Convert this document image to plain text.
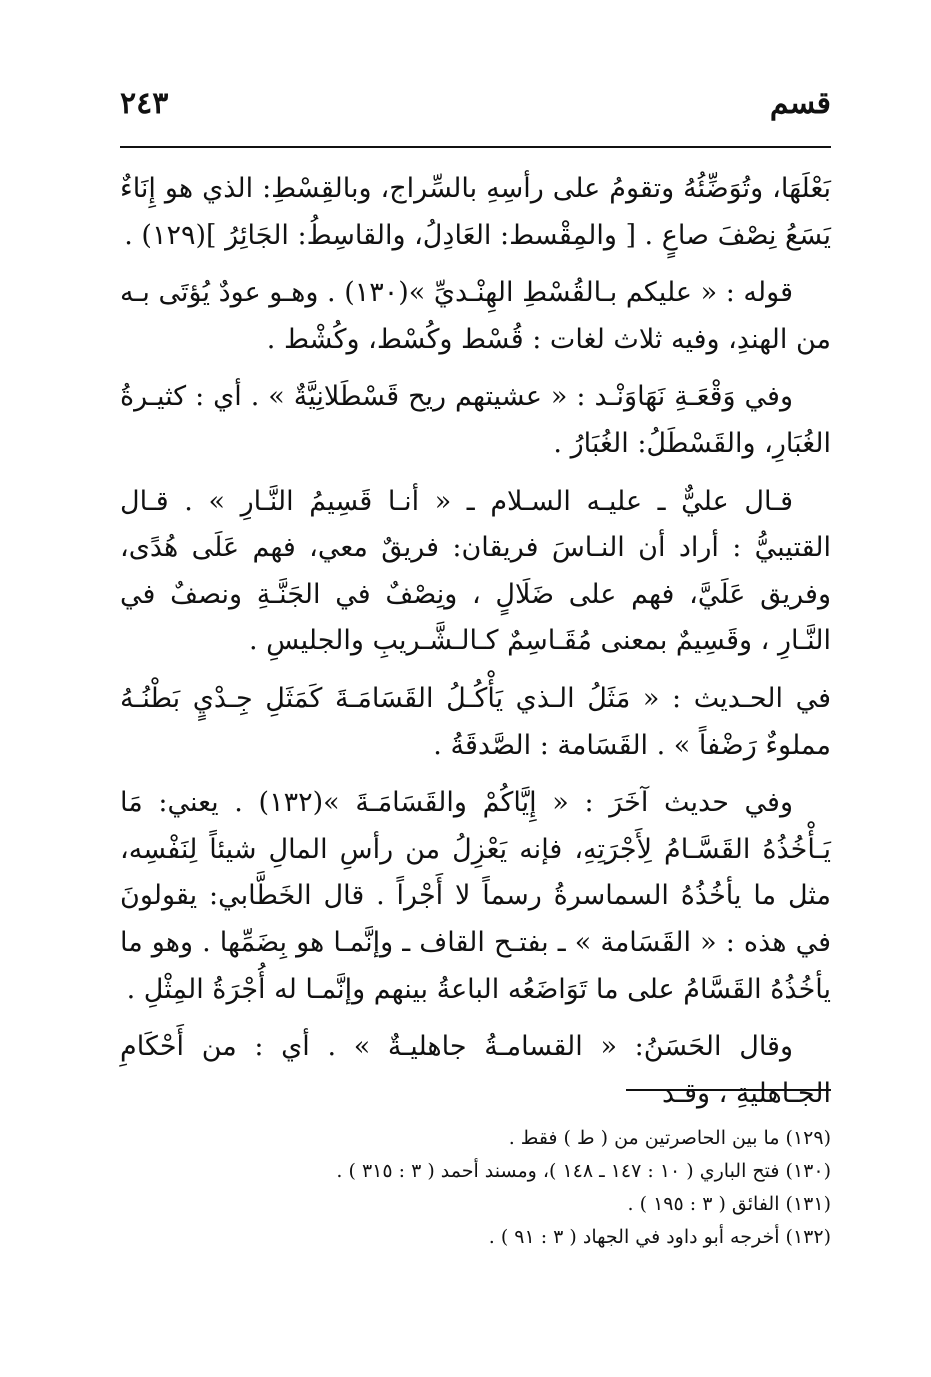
قسم
٢٤٣

بَعْلَهَا، وتُوَضِّئُهُ وتقومُ على رأسِهِ بالسِّراج، وبالقِسْطِ: الذي هو إِنَاءٌ يَسَعُ نِصْفَ صاعٍ . [ والمِقْسط: العَادِلُ، والقاسِطُ: الجَائِرُ ](١٢٩) .

قوله : « عليكم بـالقُسْطِ الهِنْـديِّ »(١٣٠) . وهـو عودٌ يُؤتَى بـه من الهندِ، وفيه ثلاث لغات : قُسْط وكُسْط، وكُشْط .

وفي وَقْعَـةِ نَهَاوَنْـد : « عشيتهم ريح قَسْطَلانِيَّةٌ » . أي : كثيـرةُ الغُبَارِ، والقَسْطَلُ: الغُبَارُ .

قـال عليٌّ ـ عليـه السـلام ـ « أنـا قَسِيمُ النَّـارِ » . قـال القتيبيُّ : أراد أن النـاسَ فريقان: فريقٌ معي، فهم عَلَى هُدًى، وفريق عَلَيَّ، فهم على ضَلَالٍ ، ونِصْفٌ في الجَنَّـةِ ونصفٌ في النَّـارِ ، وقَسِيمٌ بمعنى مُقَـاسِمٌ كـالـشَّـريبِ والجليسِ .

في الحـديث : « مَثَلُ الـذي يَأْكُـلُ القَسَامَـةَ كَمَثَلِ جِـدْيٍ بَطْنُـهُ مملوءٌ رَضْفاً » . القَسَامة : الصَّدقَةُ .

وفي حديث آخَرَ : « إِيَّاكُمْ والقَسَامَـةَ »(١٣٢) . يعني: مَا يَـأْخُذُهُ القَسَّـامُ لِأَجْرَتِهِ، فإنه يَعْزِلُ من رأسِ المالِ شيئاً لِنَفْسِه، مثل ما يأخُذُهُ السماسرةُ رسماً لا أَجْراً . قال الخَطَّابي: يقولونَ في هذه : « القَسَامة » ـ بفتـح القاف ـ وإنَّمـا هو بِضَمِّها . وهو ما يأخُذُهُ القَسَّامُ على ما تَوَاضَعُه الباعةُ بينهم وإنَّمـا له أُجْرَةُ المِثْلِ .

وقال الحَسَنُ: « القسامـةُ جاهليـةٌ » . أي : من أَحْكَامِ الجـاهليةِ ، وقـد

(١٢٩) ما بين الحاصرتين من ( ط ) فقط .

(١٣٠) فتح الباري ( ١٠ : ١٤٧ ـ ١٤٨ )، ومسند أحمد ( ٣ : ٣١٥ ) .

(١٣١) الفائق ( ٣ : ١٩٥ ) .

(١٣٢) أخرجه أبو داود في الجهاد ( ٣ : ٩١ ) .
